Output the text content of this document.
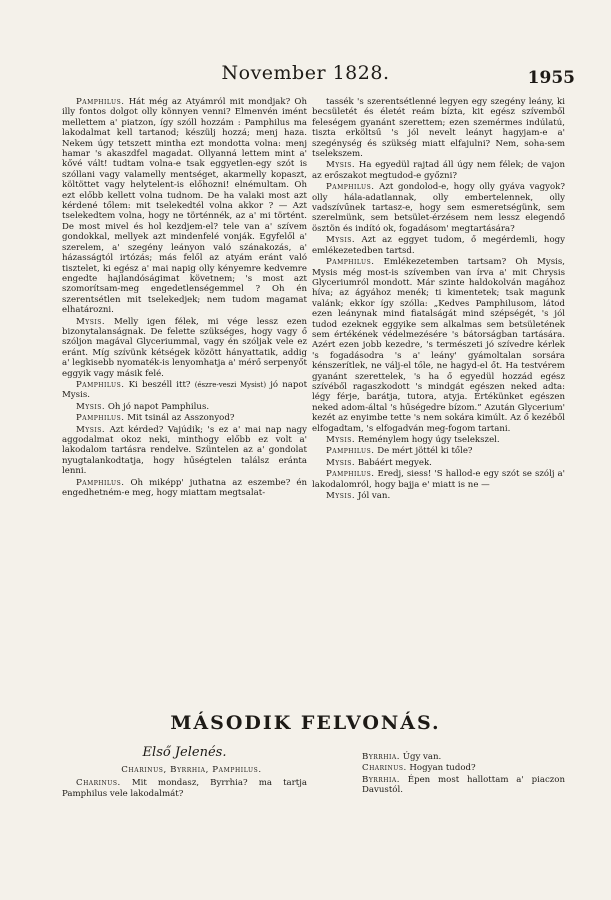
November 1828.	1955

Pamphilus. Hát még az Atyámról mit mondjak? Oh illy fontos dolgot olly könnyen venni? Elmenvén imént mellettem a' piatzon, így szóll hozzám : Pamphilus ma lakodalmat kell tartanod; készülj hozzá; menj haza. Nekem úgy tetszett mintha ezt mondotta volna: menj hamar 's akaszdfel magadat. Ollyanná lettem mint a' kővé vált! tudtam volna-e tsak eggyetlen-egy szót is szóllani vagy valamelly mentséget, akarmelly kopaszt, költöttet vagy helytelent-is előhozni! elnémultam. Oh ezt előbb kellett volna tudnom. De ha valaki most azt kérdené tőlem: mit tselekedtél volna akkor ? — Azt tselekedtem volna, hogy ne történnék, az a' mi történt. De most mivel és hol kezdjem-el? tele van a' szívem gondokkal, mellyek azt mindenfelé vonják. Egyfelől a' szerelem, a' szegény leányon való szánakozás, a' házasságtól irtózás; más felől az atyám eránt való tisztelet, ki egész a' mai napig olly kényemre kedvemre engedte hajlandóságimat követnem; 's most azt szomorítsam-meg engedetlenségemmel ? Oh én szerentsétlen mit tselekedjek; nem tudom magamat elhatározni.

Mysis. Melly igen félek, mi vége lessz ezen bizonytalanságnak. De felette szükséges, hogy vagy ő szóljon magával Glyceriummal, vagy én szóljak vele ez eránt. Míg szívünk kétségek között hányattatik, addig a' legkisebb nyomaték-is lenyomhatja a' mérő serpenyőt eggyik vagy másik felé.

Pamphilus. Ki beszéll itt? (észre-veszi Mysist) jó napot Mysis.

Mysis. Oh jó napot Pamphilus.

Pamphilus. Mit tsinál az Asszonyod?

Mysis. Azt kérded? Vajúdik; 's ez a' mai nap nagy aggodalmat okoz neki, minthogy előbb ez volt a' lakodalom tartásra rendelve. Szüntelen az a' gondolat nyugtalankodtatja, hogy hűségtelen találsz eránta lenni.

Pamphilus. Oh miképp' juthatna az eszembe? én engedhetném-e meg, hogy miattam megtsalat-

tassék 's szerentsétlenné legyen egy szegény leány, ki becsületét és életét reám bízta, kit egész szívemből feleségem gyanánt szerettem; ezen szemérmes indúlatú, tiszta erköltsű 's jól nevelt leányt hagyjam-e a' szegénység és szükség miatt elfajulni? Nem, soha-sem tselekszem.

Mysis. Ha egyedül rajtad áll úgy nem félek; de vajon az erőszakot megtudod-e győzni?

Pamphilus. Azt gondolod-e, hogy olly gyáva vagyok? olly hála-adatlannak, olly embertelennek, olly vadszívűnek tartasz-e, hogy sem esmeretségünk, sem szerelmünk, sem betsület-érzésem nem lessz elegendő ösztön és indító ok, fogadásom' megtartására?

Mysis. Azt az eggyet tudom, ő megérdemli, hogy emlékezetedben tartsd.

Pamphilus. Emlékezetemben tartsam? Oh Mysis, Mysis még most-is szívemben van írva a' mit Chrysis Glyceriumról mondott. Már szinte haldokolván magához híva; az ágyához menék; ti kimentetek; tsak magunk valánk; ekkor így szólla: „Kedves Pamphilusom, látod ezen leánynak mind fiatalságát mind szépségét, 's jól tudod ezeknek eggyike sem alkalmas sem betsületének sem értékének védelmezésére 's bátorságban tartására. Azért ezen jobb kezedre, 's természeti jó szívedre kérlek 's fogadásodra 's a' leány' gyámoltalan sorsára kénszerítlek, ne válj-el tőle, ne hagyd-el őt. Ha testvérem gyanánt szerettelek, 's ha ő egyedül hozzád egész szívéből ragaszkodott 's mindgát egészen neked adta: légy férje, barátja, tutora, atyja. Értékünket egészen neked adom-által 's hűségedre bízom.” Azután Glycerium' kezét az enyimbe tette 's nem sokára kimúlt. Az ő kezéből elfogadtam, 's elfogadván meg-fogom tartani.

Mysis. Reménylem hogy úgy tselekszel.

Pamphilus. De mért jöttél ki tőle?

Mysis. Babáért megyek.

Pamphilus. Eredj, siess! 'S hallod-e egy szót se szólj a' lakodalomról, hogy bajja e' miatt is ne —

Mysis. Jól van.

MÁSODIK FELVONÁS.
Első Jelenés.

Charinus, Byrrhia, Pamphilus.

Charinus. Mit mondasz, Byrrhia? ma tartja Pamphilus vele lakodalmát?

Byrrhia. Úgy van.

Charinus. Hogyan tudod?

Byrrhia. Épen most hallottam a' piaczon Davustól.
